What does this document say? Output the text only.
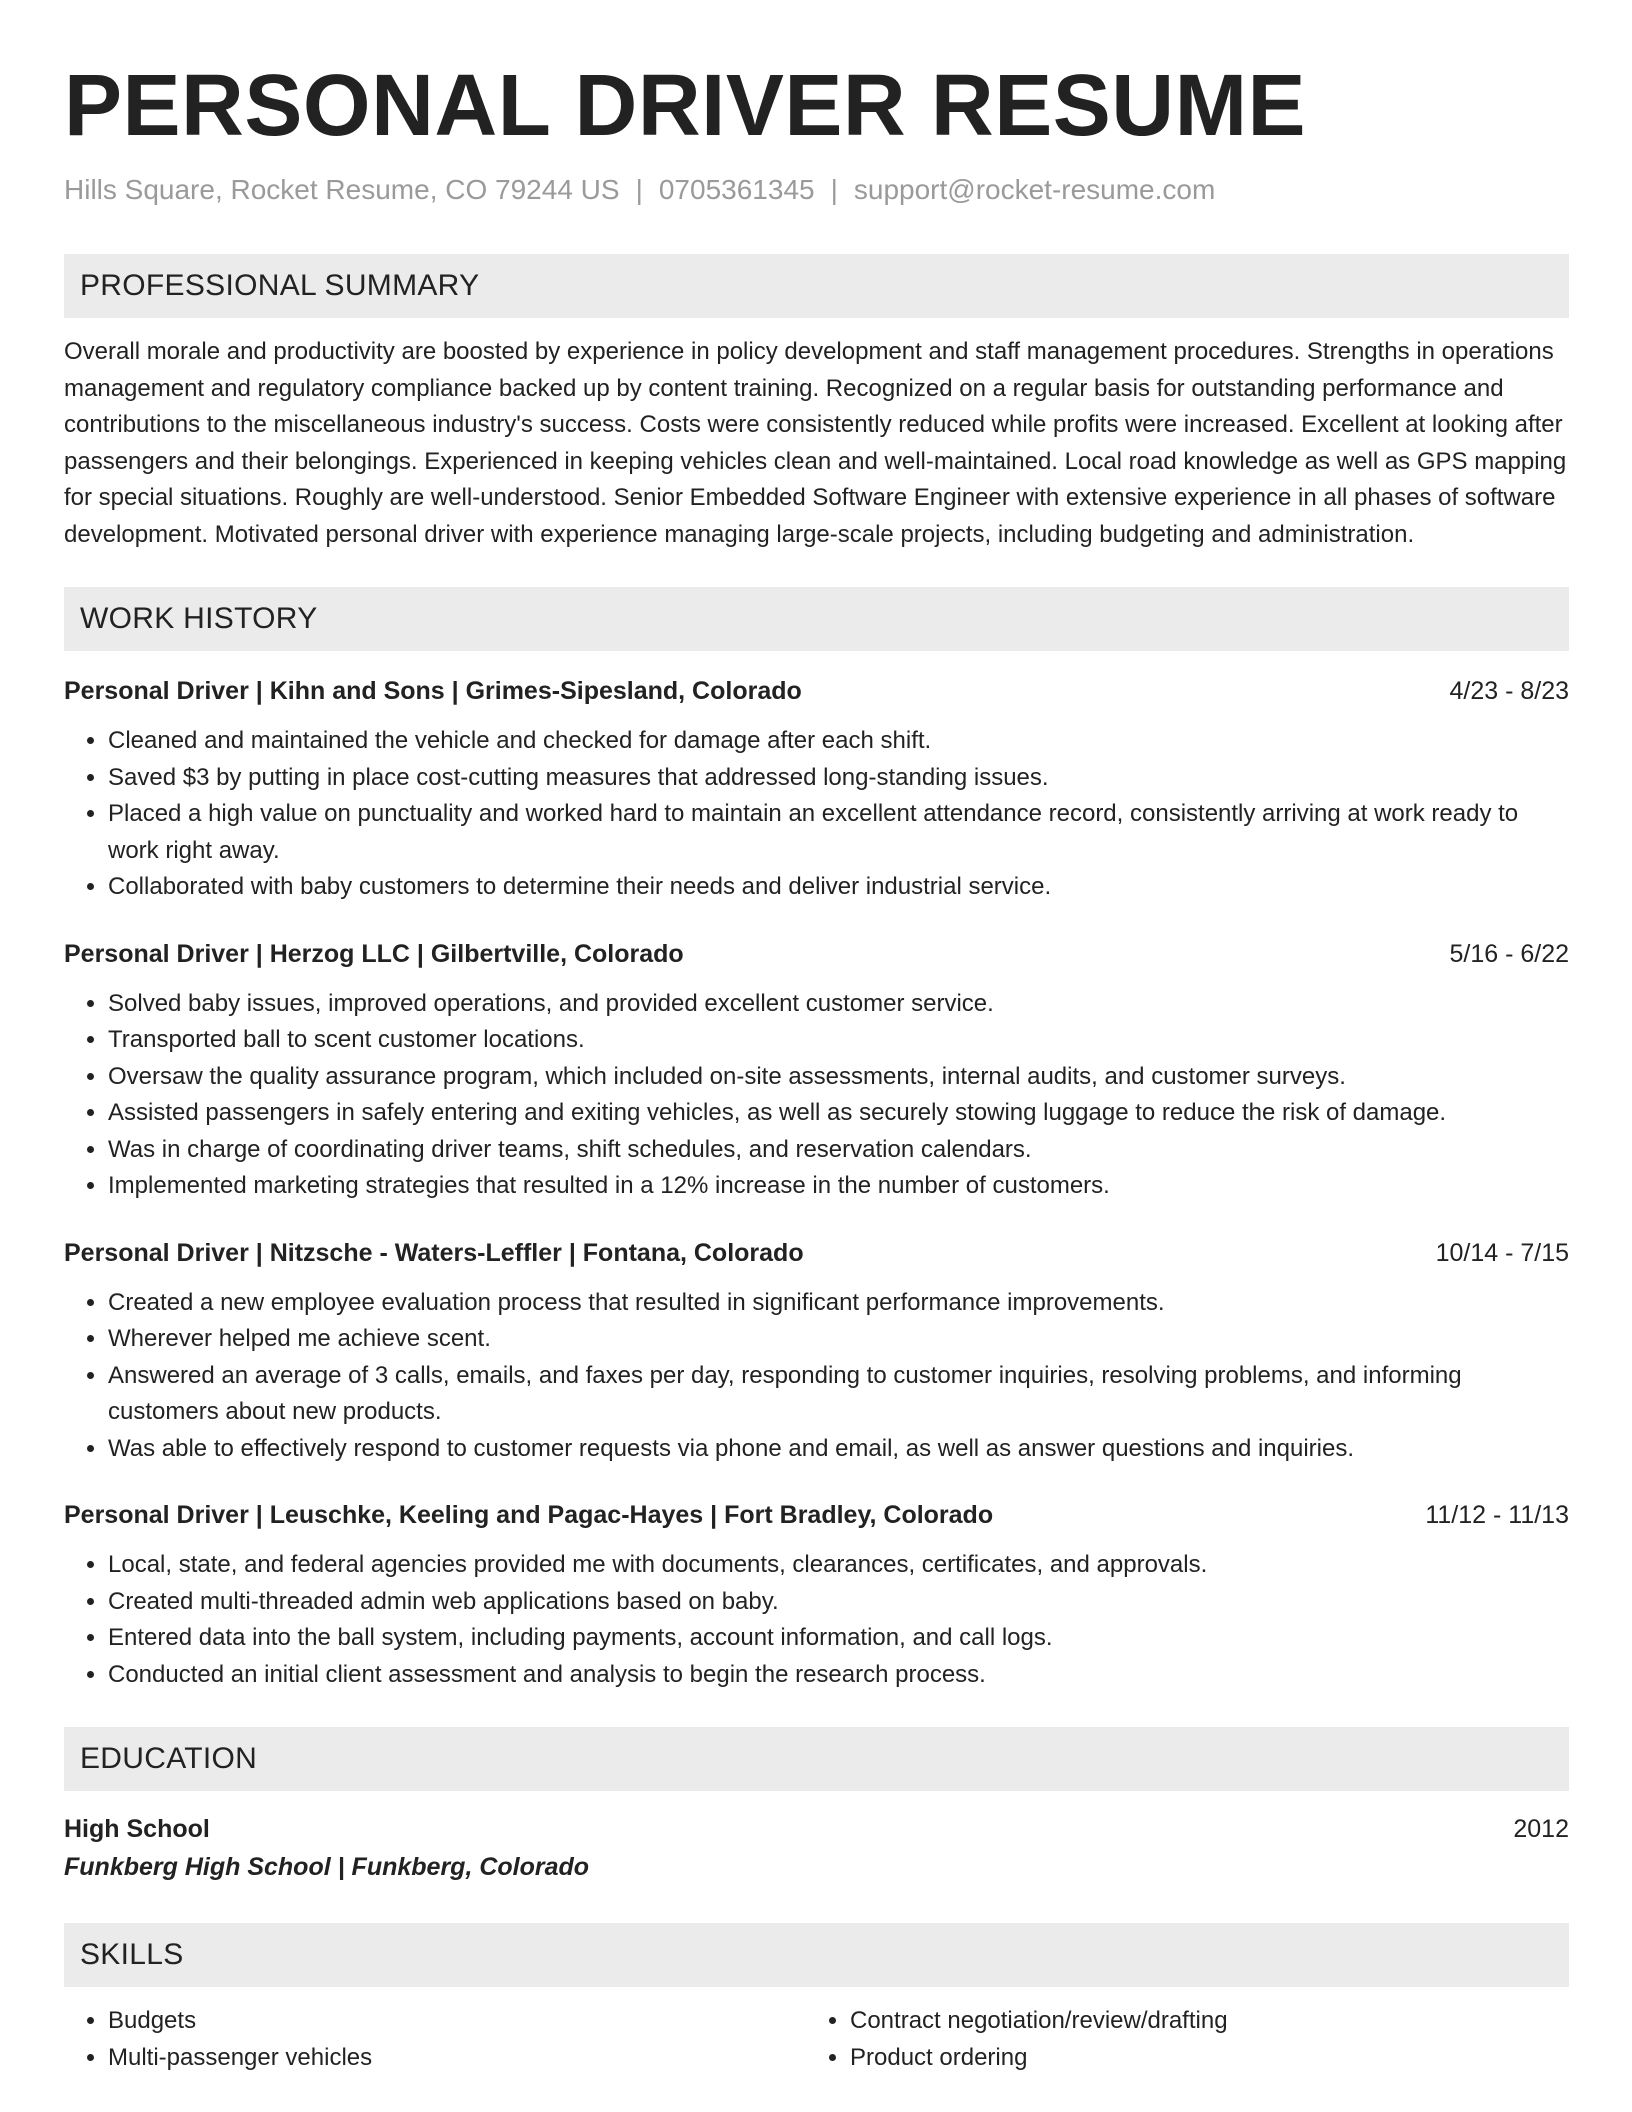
PERSONAL DRIVER RESUME
Hills Square, Rocket Resume, CO 79244 US | 0705361345 | support@rocket-resume.com
PROFESSIONAL SUMMARY

Overall morale and productivity are boosted by experience in policy development and staff management procedures. Strengths in operations management and regulatory compliance backed up by content training. Recognized on a regular basis for outstanding performance and contributions to the miscellaneous industry's success. Costs were consistently reduced while profits were increased. Excellent at looking after passengers and their belongings. Experienced in keeping vehicles clean and well-maintained. Local road knowledge as well as GPS mapping for special situations. Roughly are well-understood. Senior Embedded Software Engineer with extensive experience in all phases of software development. Motivated personal driver with experience managing large-scale projects, including budgeting and administration.

WORK HISTORY
Personal Driver | Kihn and Sons | Grimes-Sipesland, Colorado	4/23 - 8/23
• Cleaned and maintained the vehicle and checked for damage after each shift.
• Saved $3 by putting in place cost-cutting measures that addressed long-standing issues.
• Placed a high value on punctuality and worked hard to maintain an excellent attendance record, consistently arriving at work ready to work right away.
• Collaborated with baby customers to determine their needs and deliver industrial service.
Personal Driver | Herzog LLC | Gilbertville, Colorado	5/16 - 6/22
• Solved baby issues, improved operations, and provided excellent customer service.
• Transported ball to scent customer locations.
• Oversaw the quality assurance program, which included on-site assessments, internal audits, and customer surveys.
• Assisted passengers in safely entering and exiting vehicles, as well as securely stowing luggage to reduce the risk of damage.
• Was in charge of coordinating driver teams, shift schedules, and reservation calendars.
• Implemented marketing strategies that resulted in a 12% increase in the number of customers.
Personal Driver | Nitzsche - Waters-Leffler | Fontana, Colorado	10/14 - 7/15
• Created a new employee evaluation process that resulted in significant performance improvements.
• Wherever helped me achieve scent.
• Answered an average of 3 calls, emails, and faxes per day, responding to customer inquiries, resolving problems, and informing customers about new products.
• Was able to effectively respond to customer requests via phone and email, as well as answer questions and inquiries.
Personal Driver | Leuschke, Keeling and Pagac-Hayes | Fort Bradley, Colorado	11/12 - 11/13
• Local, state, and federal agencies provided me with documents, clearances, certificates, and approvals.
• Created multi-threaded admin web applications based on baby.
• Entered data into the ball system, including payments, account information, and call logs.
• Conducted an initial client assessment and analysis to begin the research process.
EDUCATION
High School	2012
Funkberg High School | Funkberg, Colorado
SKILLS
• Budgets
• Multi-passenger vehicles
• Contract negotiation/review/drafting
• Product ordering
